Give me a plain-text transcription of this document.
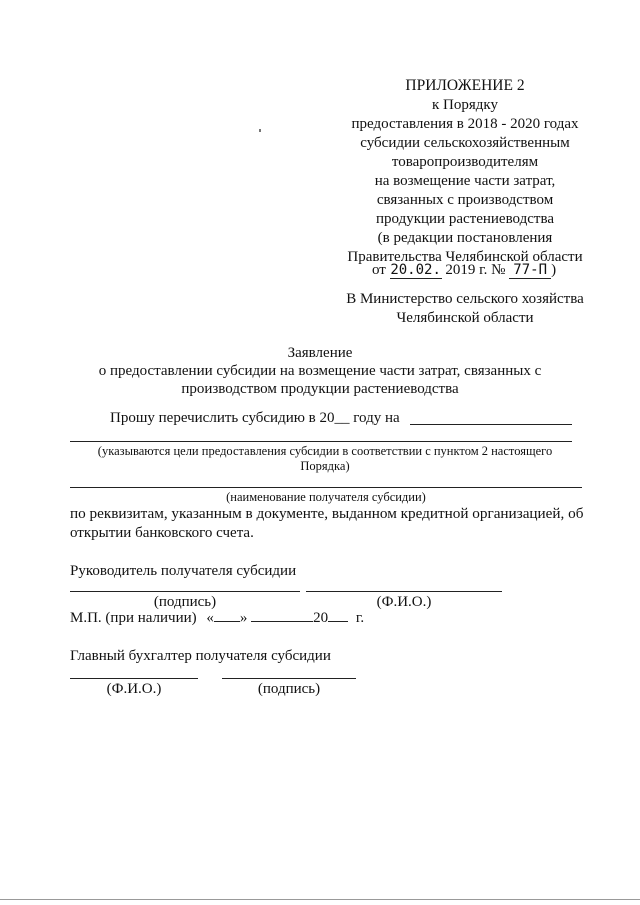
ПРИЛОЖЕНИЕ 2
к Порядку
предоставления в 2018 - 2020 годах
субсидии сельскохозяйственным
товаропроизводителям
на возмещение части затрат,
связанных с производством
продукции растениеводства
(в редакции постановления
Правительства Челябинской области
от 20.02. 2019 г. № 77-П )
В Министерство сельского хозяйства
Челябинской области
Заявление
о предоставлении субсидии на возмещение части затрат, связанных с
производством продукции растениеводства
Прошу перечислить субсидию в 20__ году на
(указываются цели предоставления субсидии в соответствии с пунктом 2 настоящего
Порядка)
(наименование получателя субсидии)
по реквизитам, указанным в документе, выданном кредитной организацией, об
открытии банковского счета.
Руководитель получателя субсидии
(подпись)	(Ф.И.О.)
М.П. (при наличии) « »	20 г.
Главный бухгалтер получателя субсидии
(Ф.И.О.)	(подпись)
